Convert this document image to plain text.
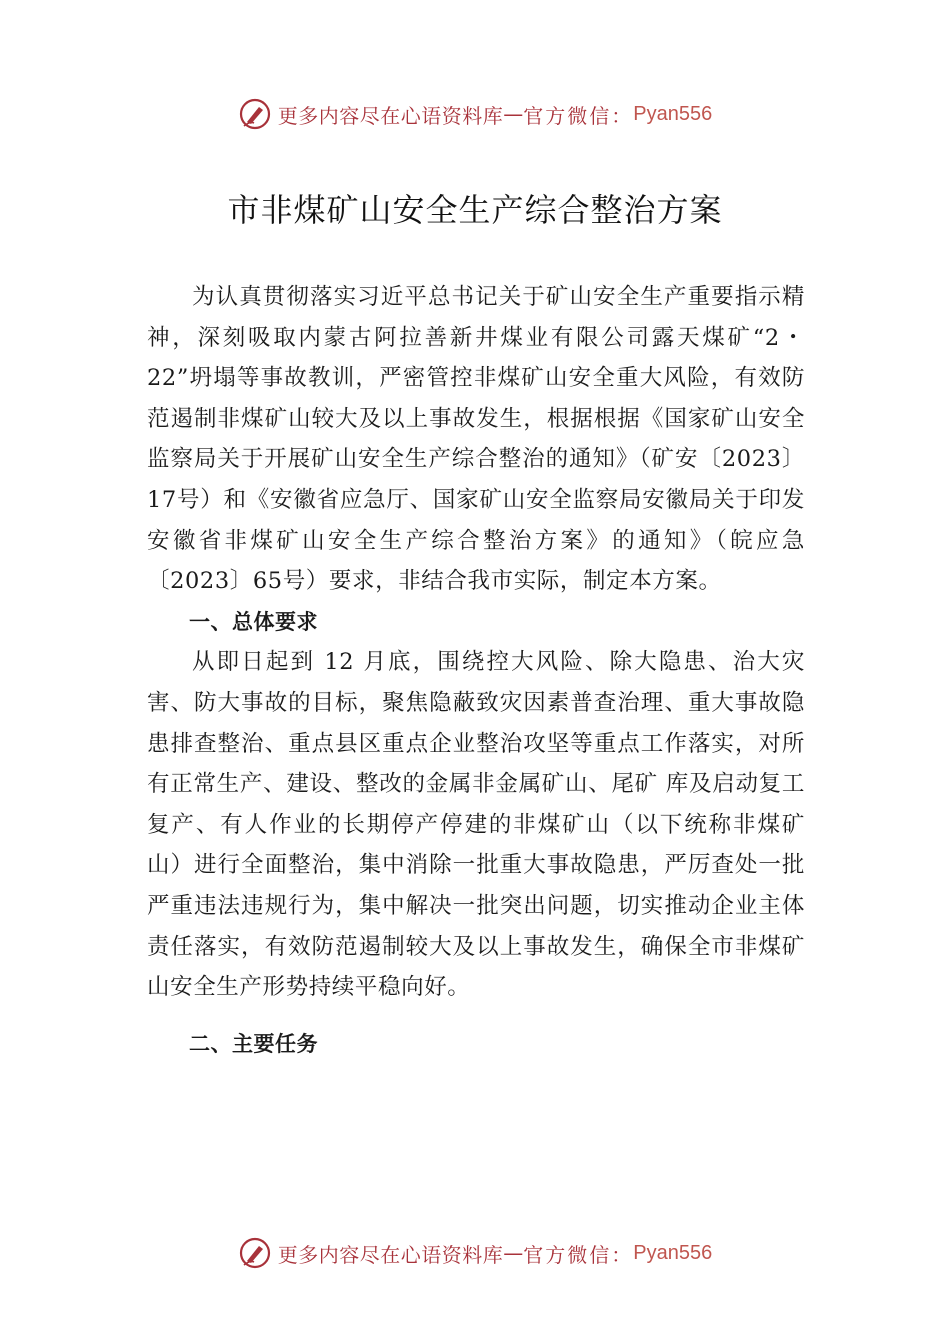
更多内容尽在心语资料库 — 官方微信： Pyan556
市非煤矿山安全生产综合整治方案

为认真贯彻落实习近平总书记关于矿山安全生产重要指示精神，深刻吸取内蒙古阿拉善新井煤业有限公司露天煤矿“2・22”坍塌等事故教训，严密管控非煤矿山安全重大风险，有效防范遏制非煤矿山较大及以上事故发生，根据根据《国家矿山安全监察局关于开展矿山安全生产综合整治的通知》（矿安〔2023〕17号）和《安徽省应急厅、国家矿山安全监察局安徽局关于印发安徽省非煤矿山安全生产综合整治方案》的通知》（皖应急〔2023〕65号）要求，非结合我市实际，制定本方案。

一、总体要求

从即日起到 12 月底，围绕控大风险、除大隐患、治大灾害、防大事故的目标，聚焦隐蔽致灾因素普查治理、重大事故隐患排查整治、重点县区重点企业整治攻坚等重点工作落实，对所有正常生产、建设、整改的金属非金属矿山、尾矿 库及启动复工复产、有人作业的长期停产停建的非煤矿山（以下统称非煤矿山）进行全面整治，集中消除一批重大事故隐患，严厉查处一批严重违法违规行为，集中解决一批突出问题，切实推动企业主体责任落实，有效防范遏制较大及以上事故发生，确保全市非煤矿山安全生产形势持续平稳向好。

二、主要任务

更多内容尽在心语资料库 — 官方微信： Pyan556
